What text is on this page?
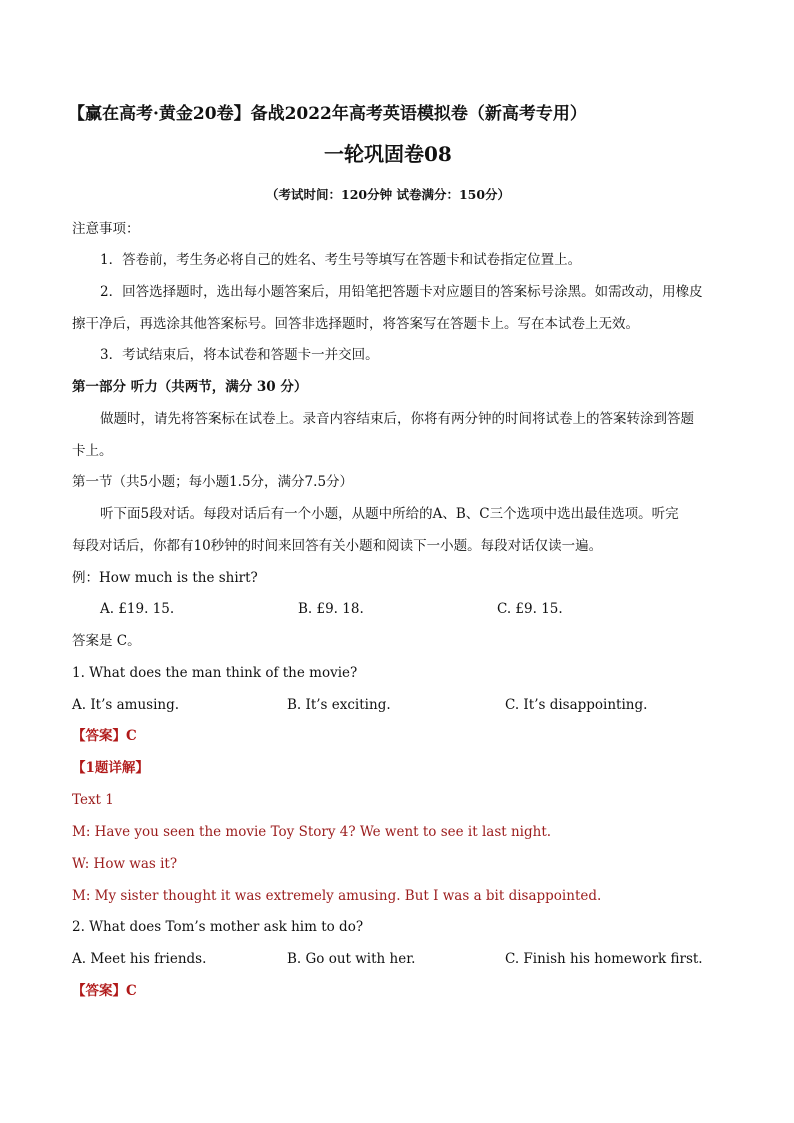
【赢在高考·黄金20卷】备战2022年高考英语模拟卷（新高考专用）
一轮巩固卷08
（考试时间：120分钟 试卷满分：150分）
注意事项：
1．答卷前，考生务必将自己的姓名、考生号等填写在答题卡和试卷指定位置上。
2．回答选择题时，选出每小题答案后，用铅笔把答题卡对应题目的答案标号涂黑。如需改动，用橡皮
擦干净后，再选涂其他答案标号。回答非选择题时，将答案写在答题卡上。写在本试卷上无效。
3．考试结束后，将本试卷和答题卡一并交回。
第一部分 听力（共两节，满分 30 分）
做题时，请先将答案标在试卷上。录音内容结束后，你将有两分钟的时间将试卷上的答案转涂到答题
卡上。
第一节（共5小题；每小题1.5分，满分7.5分）
听下面5段对话。每段对话后有一个小题，从题中所给的A、B、C三个选项中选出最佳选项。听完
每段对话后，你都有10秒钟的时间来回答有关小题和阅读下一小题。每段对话仅读一遍。
例：How much is the shirt?
A. £19. 15.	B. £9. 18.	C. £9. 15.
答案是 C。
1. What does the man think of the movie?
A. It’s amusing.	B. It’s exciting.	C. It’s disappointing.
【答案】C
【1题详解】
Text 1
M: Have you seen the movie Toy Story 4? We went to see it last night.
W: How was it?
M: My sister thought it was extremely amusing. But I was a bit disappointed.
2. What does Tom’s mother ask him to do?
A. Meet his friends.	B. Go out with her.	C. Finish his homework first.
【答案】C
